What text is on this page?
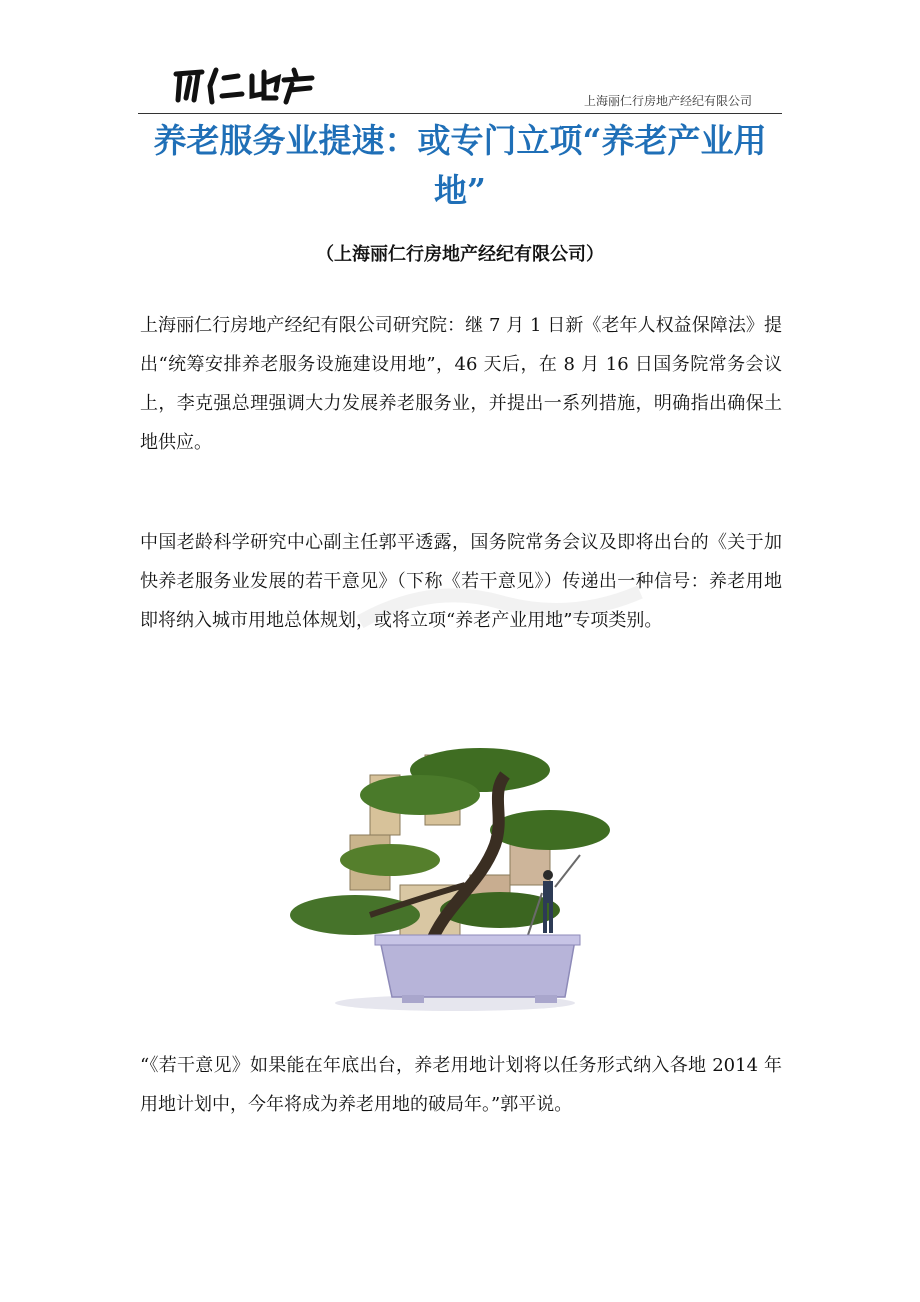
上海丽仁行房地产经纪有限公司
养老服务业提速：或专门立项“养老产业用地”

（上海丽仁行房地产经纪有限公司）

上海丽仁行房地产经纪有限公司研究院：继 7 月 1 日新《老年人权益保障法》提出“统筹安排养老服务设施建设用地”，46 天后，在 8 月 16 日国务院常务会议上，李克强总理强调大力发展养老服务业，并提出一系列措施，明确指出确保土地供应。

中国老龄科学研究中心副主任郭平透露，国务院常务会议及即将出台的《关于加快养老服务业发展的若干意见》（下称《若干意见》）传递出一种信号：养老用地即将纳入城市用地总体规划，或将立项“养老产业用地”专项类别。

“《若干意见》如果能在年底出台，养老用地计划将以任务形式纳入各地 2014 年用地计划中，今年将成为养老用地的破局年。”郭平说。
